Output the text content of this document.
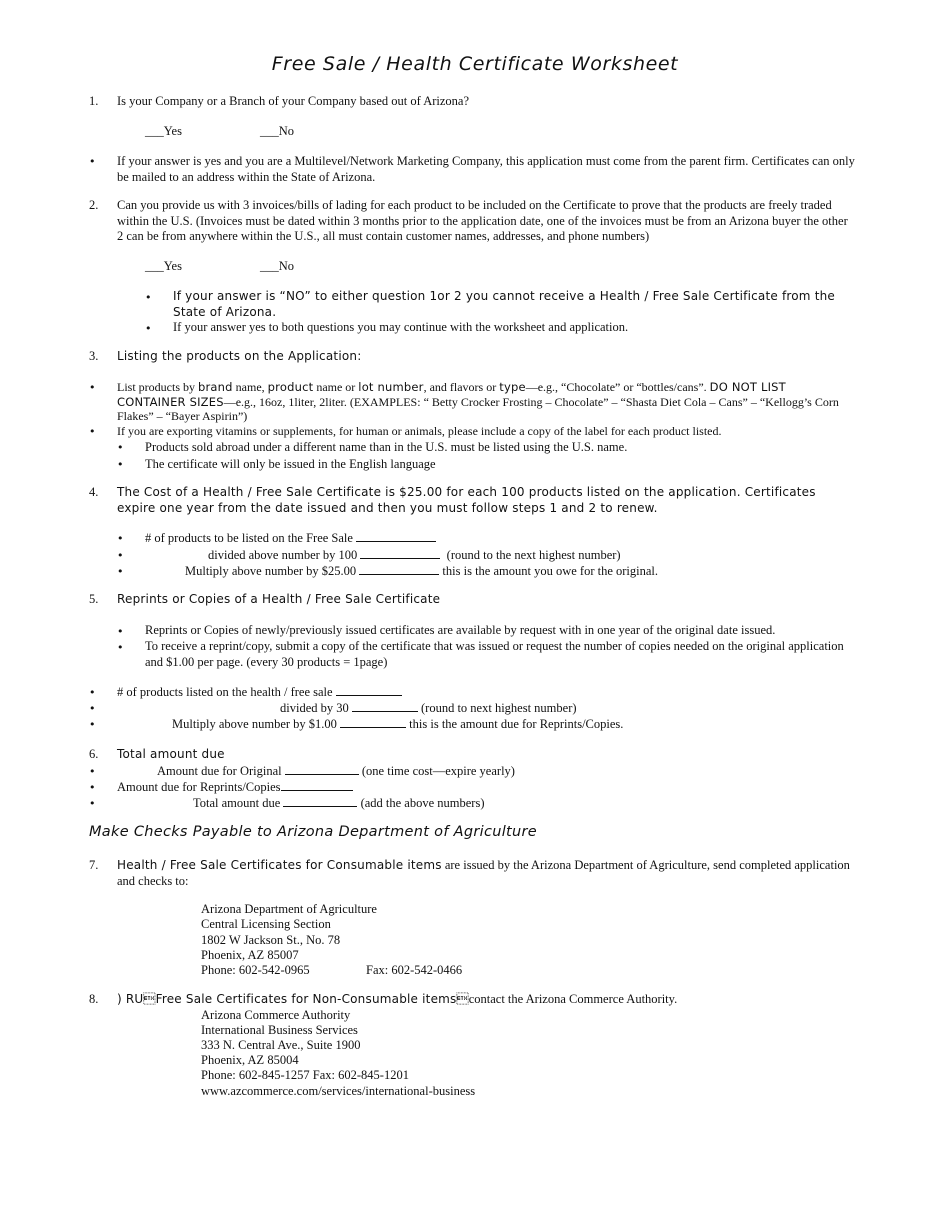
Free Sale / Health Certificate Worksheet
1. Is your Company or a Branch of your Company based out of Arizona?
___Yes	___No
• If your answer is yes and you are a Multilevel/Network Marketing Company, this application must come from the parent firm. Certificates can only be mailed to an address within the State of Arizona.
2. Can you provide us with 3 invoices/bills of lading for each product to be included on the Certificate to prove that the products are freely traded within the U.S. (Invoices must be dated within 3 months prior to the application date, one of the invoices must be from an Arizona buyer the other 2 can be from anywhere within the U.S., all must contain customer names, addresses, and phone numbers)
___Yes	___No
• If your answer is “NO” to either question 1or 2 you cannot receive a Health / Free Sale Certificate from the State of Arizona.
• If your answer yes to both questions you may continue with the worksheet and application.
3. Listing the products on the Application:
• List products by brand name, product name or lot number, and flavors or type—e.g., “Chocolate” or “bottles/cans”. DO NOT LIST CONTAINER SIZES—e.g., 16oz, 1liter, 2liter. (EXAMPLES: “ Betty Crocker Frosting – Chocolate” – “Shasta Diet Cola – Cans” – “Kellogg’s Corn Flakes” – “Bayer Aspirin”)
• If you are exporting vitamins or supplements, for human or animals, please include a copy of the label for each product listed.
• Products sold abroad under a different name than in the U.S. must be listed using the U.S. name.
• The certificate will only be issued in the English language
4. The Cost of a Health / Free Sale Certificate is $25.00 for each 100 products listed on the application. Certificates expire one year from the date issued and then you must follow steps 1 and 2 to renew.
• # of products to be listed on the Free Sale
•	divided above number by 100	(round to the next highest number)
•	Multiply above number by $25.00	this is the amount you owe for the original.
5. Reprints or Copies of a Health / Free Sale Certificate
• Reprints or Copies of newly/previously issued certificates are available by request with in one year of the original date issued.
• To receive a reprint/copy, submit a copy of the certificate that was issued or request the number of copies needed on the original application and $1.00 per page. (every 30 products = 1page)
• # of products listed on the health / free sale
•	divided by 30	(round to next highest number)
•	Multiply above number by $1.00	this is the amount due for Reprints/Copies.
6. Total amount due
•	Amount due for Original	(one time cost—expire yearly)
• Amount due for Reprints/Copies
•	Total amount due	(add the above numbers)
Make Checks Payable to Arizona Department of Agriculture
7. Health / Free Sale Certificates for Consumable items are issued by the Arizona Department of Agriculture, send completed application and checks to:
Arizona Department of Agriculture
Central Licensing Section
1802 W Jackson St., No. 78
Phoenix, AZ 85007
Phone: 602-542-0965	Fax: 602-542-0466
8. ) RUFree Sale Certificates for Non-Consumable itemscontact the Arizona Commerce Authority.
Arizona Commerce Authority
International Business Services
333 N. Central Ave., Suite 1900
Phoenix, AZ 85004
Phone: 602-845-1257 Fax: 602-845-1201
www.azcommerce.com/services/international-business
